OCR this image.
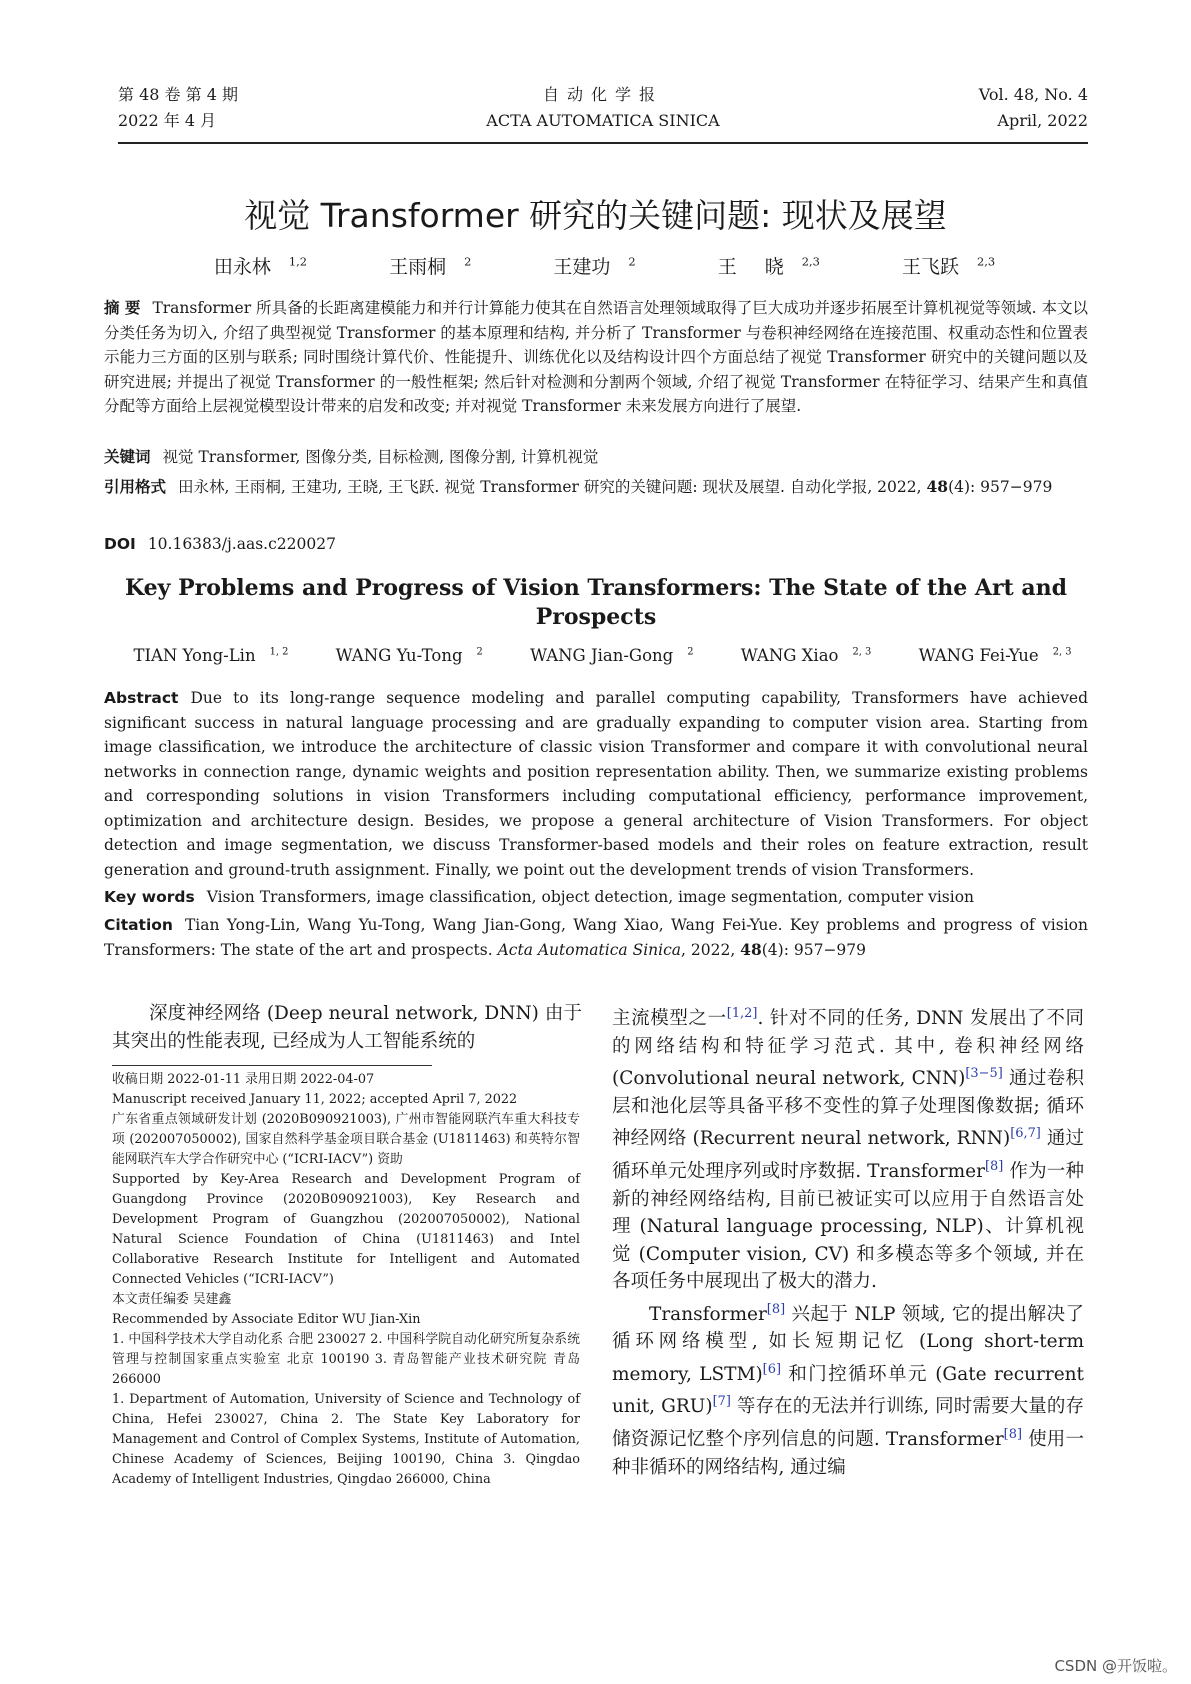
第 48 卷 第 4 期
2022 年 4 月
自动化学报
ACTA AUTOMATICA SINICA
Vol. 48, No. 4
April, 2022
视觉 Transformer 研究的关键问题: 现状及展望
田永林 $^{1,2}$	王雨桐 $^2$	王建功 $^2$	王 晓 $^{2,3}$	王飞跃 $^{2,3}$
摘 要 Transformer 所具备的长距离建模能力和并行计算能力使其在自然语言处理领域取得了巨大成功并逐步拓展至计算机视觉等领域. 本文以分类任务为切入, 介绍了典型视觉 Transformer 的基本原理和结构, 并分析了 Transformer 与卷积神经网络在连接范围、权重动态性和位置表示能力三方面的区别与联系; 同时围绕计算代价、性能提升、训练优化以及结构设计四个方面总结了视觉 Transformer 研究中的关键问题以及研究进展; 并提出了视觉 Transformer 的一般性框架; 然后针对检测和分割两个领域, 介绍了视觉 Transformer 在特征学习、结果产生和真值分配等方面给上层视觉模型设计带来的启发和改变; 并对视觉 Transformer 未来发展方向进行了展望.
关键词 视觉 Transformer, 图像分类, 目标检测, 图像分割, 计算机视觉
引用格式 田永林, 王雨桐, 王建功, 王晓, 王飞跃. 视觉 Transformer 研究的关键问题: 现状及展望. 自动化学报, 2022, 48(4): 957−979
DOI 10.16383/j.aas.c220027
Key Problems and Progress of Vision Transformers: The State of the Art and Prospects
TIAN Yong-Lin $^{1, 2}$	WANG Yu-Tong $^2$	WANG Jian-Gong $^2$	WANG Xiao $^{2, 3}$	WANG Fei-Yue $^{2, 3}$
Abstract Due to its long-range sequence modeling and parallel computing capability, Transformers have achieved significant success in natural language processing and are gradually expanding to computer vision area. Starting from image classification, we introduce the architecture of classic vision Transformer and compare it with convolutional neural networks in connection range, dynamic weights and position representation ability. Then, we summarize existing problems and corresponding solutions in vision Transformers including computational efficiency, performance improvement, optimization and architecture design. Besides, we propose a general architecture of Vision Transformers. For object detection and image segmentation, we discuss Transformer-based models and their roles on feature extraction, result generation and ground-truth assignment. Finally, we point out the development trends of vision Transformers.
Key words Vision Transformers, image classification, object detection, image segmentation, computer vision
Citation Tian Yong-Lin, Wang Yu-Tong, Wang Jian-Gong, Wang Xiao, Wang Fei-Yue. Key problems and progress of vision Transformers: The state of the art and prospects. Acta Automatica Sinica, 2022, 48(4): 957−979

深度神经网络 (Deep neural network, DNN) 由于其突出的性能表现, 已经成为人工智能系统的

收稿日期 2022-01-11 录用日期 2022-04-07
Manuscript received January 11, 2022; accepted April 7, 2022
广东省重点领域研发计划 (2020B090921003), 广州市智能网联汽车重大科技专项 (202007050002), 国家自然科学基金项目联合基金 (U1811463) 和英特尔智能网联汽车大学合作研究中心 (“ICRI-IACV”) 资助
Supported by Key-Area Research and Development Program of Guangdong Province (2020B090921003), Key Research and Development Program of Guangzhou (202007050002), National Natural Science Foundation of China (U1811463) and Intel Collaborative Research Institute for Intelligent and Automated Connected Vehicles (“ICRI-IACV”)
本文责任编委 吴建鑫
Recommended by Associate Editor WU Jian-Xin
1. 中国科学技术大学自动化系 合肥 230027 2. 中国科学院自动化研究所复杂系统管理与控制国家重点实验室 北京 100190 3. 青岛智能产业技术研究院 青岛 266000
1. Department of Automation, University of Science and Technology of China, Hefei 230027, China 2. The State Key Laboratory for Management and Control of Complex Systems, Institute of Automation, Chinese Academy of Sciences, Beijing 100190, China 3. Qingdao Academy of Intelligent Industries, Qingdao 266000, China
主流模型之一[1,2]. 针对不同的任务, DNN 发展出了不同的网络结构和特征学习范式. 其中, 卷积神经网络 (Convolutional neural network, CNN)[3−5] 通过卷积层和池化层等具备平移不变性的算子处理图像数据; 循环神经网络 (Recurrent neural network, RNN)[6,7] 通过循环单元处理序列或时序数据. Transformer[8] 作为一种新的神经网络结构, 目前已被证实可以应用于自然语言处理 (Natural language processing, NLP)、计算机视觉 (Computer vision, CV) 和多模态等多个领域, 并在各项任务中展现出了极大的潜力.

Transformer[8] 兴起于 NLP 领域, 它的提出解决了循环网络模型, 如长短期记忆 (Long short-term memory, LSTM)[6] 和门控循环单元 (Gate recurrent unit, GRU)[7] 等存在的无法并行训练, 同时需要大量的存储资源记忆整个序列信息的问题. Transformer[8] 使用一种非循环的网络结构, 通过编

CSDN @开饭啦。
